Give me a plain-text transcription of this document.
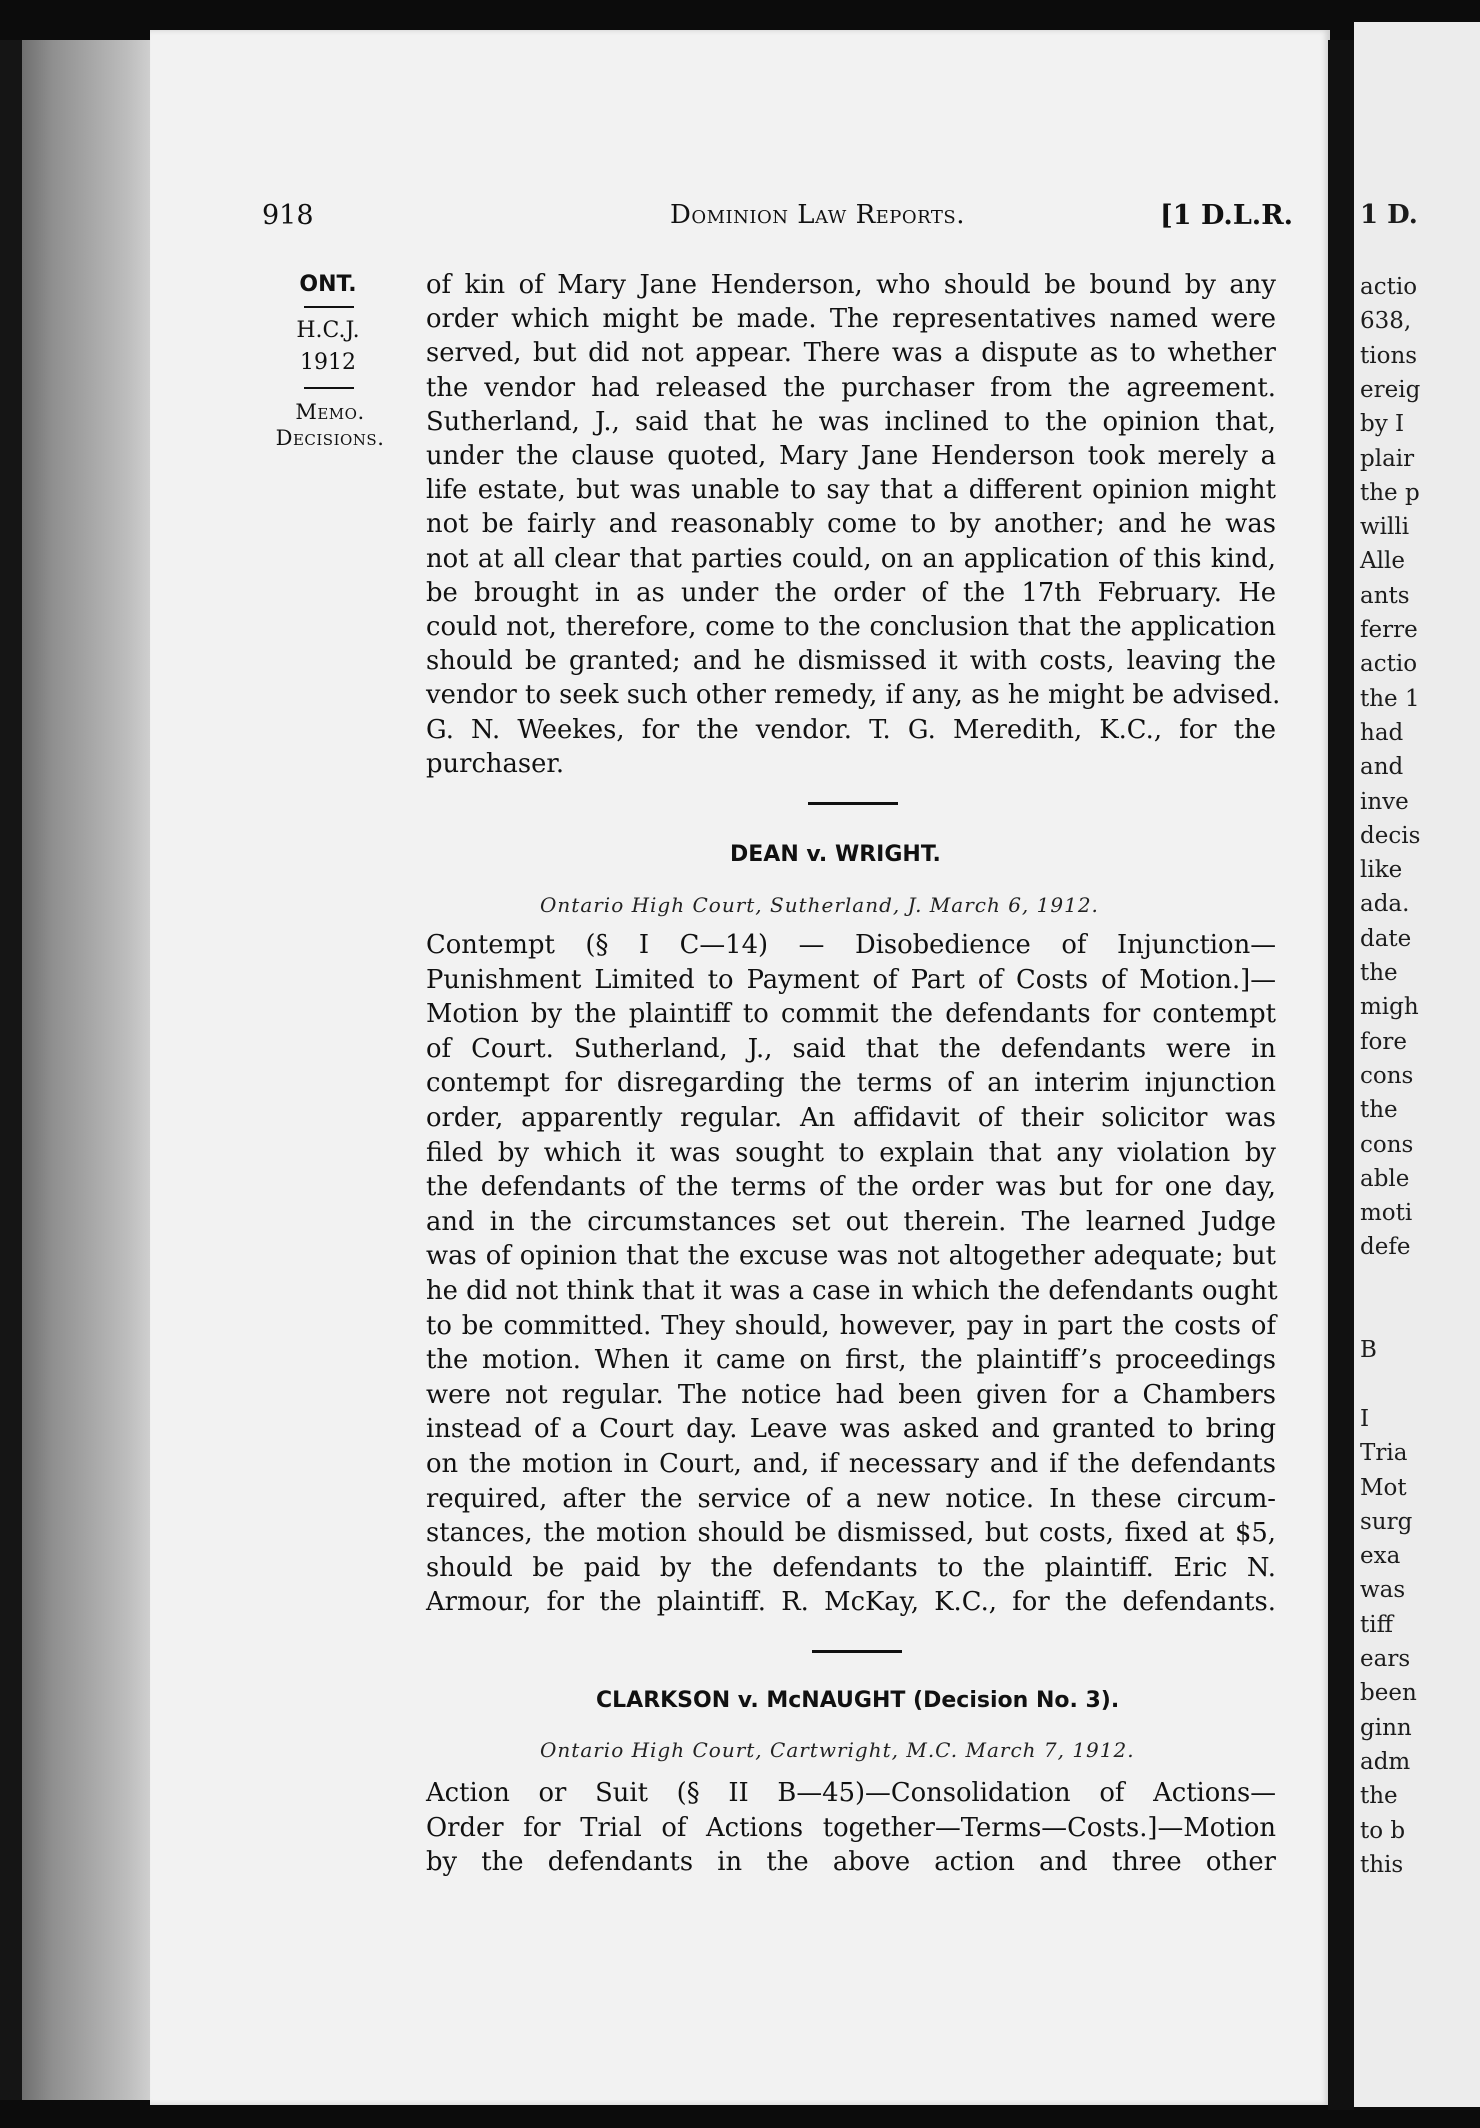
1 D.
actio
638,
tions
ereig
by I
plair
the p
willi
Alle
ants
ferre
actio
the 1
had
and
inve
decis
like
ada.
date
the
migh
fore
cons
the
cons
able
moti
defe
B
I
Tria
Mot
surg
exa
was
tiff
ears
been
ginn
adm
the
to b
this
918	Dominion Law Reports.	[1 D.L.R.
ONT.
H.C.J.
1912
Memo.
Decisions.
of kin of Mary Jane Henderson, who should be bound by any
order which might be made. The representatives named were
served, but did not appear. There was a dispute as to whether
the vendor had released the purchaser from the agreement.
Sutherland, J., said that he was inclined to the opinion that,
under the clause quoted, Mary Jane Henderson took merely a
life estate, but was unable to say that a different opinion might
not be fairly and reasonably come to by another; and he was
not at all clear that parties could, on an application of this kind,
be brought in as under the order of the 17th February. He
could not, therefore, come to the conclusion that the application
should be granted; and he dismissed it with costs, leaving the
vendor to seek such other remedy, if any, as he might be advised.
G. N. Weekes, for the vendor. T. G. Meredith, K.C., for the
purchaser.
DEAN v. WRIGHT.
Ontario High Court, Sutherland, J. March 6, 1912.
Contempt (§ I C—14) — Disobedience of Injunction—
Punishment Limited to Payment of Part of Costs of Motion.]—
Motion by the plaintiff to commit the defendants for contempt
of Court. Sutherland, J., said that the defendants were in
contempt for disregarding the terms of an interim injunction
order, apparently regular. An affidavit of their solicitor was
filed by which it was sought to explain that any violation by
the defendants of the terms of the order was but for one day,
and in the circumstances set out therein. The learned Judge
was of opinion that the excuse was not altogether adequate; but
he did not think that it was a case in which the defendants ought
to be committed. They should, however, pay in part the costs of
the motion. When it came on first, the plaintiff’s proceedings
were not regular. The notice had been given for a Chambers
instead of a Court day. Leave was asked and granted to bring
on the motion in Court, and, if necessary and if the defendants
required, after the service of a new notice. In these circum-
stances, the motion should be dismissed, but costs, fixed at $5,
should be paid by the defendants to the plaintiff. Eric N.
Armour, for the plaintiff. R. McKay, K.C., for the defendants.
CLARKSON v. McNAUGHT (Decision No. 3).
Ontario High Court, Cartwright, M.C. March 7, 1912.
Action or Suit (§ II B—45)—Consolidation of Actions—
Order for Trial of Actions together—Terms—Costs.]—Motion
by the defendants in the above action and three other
